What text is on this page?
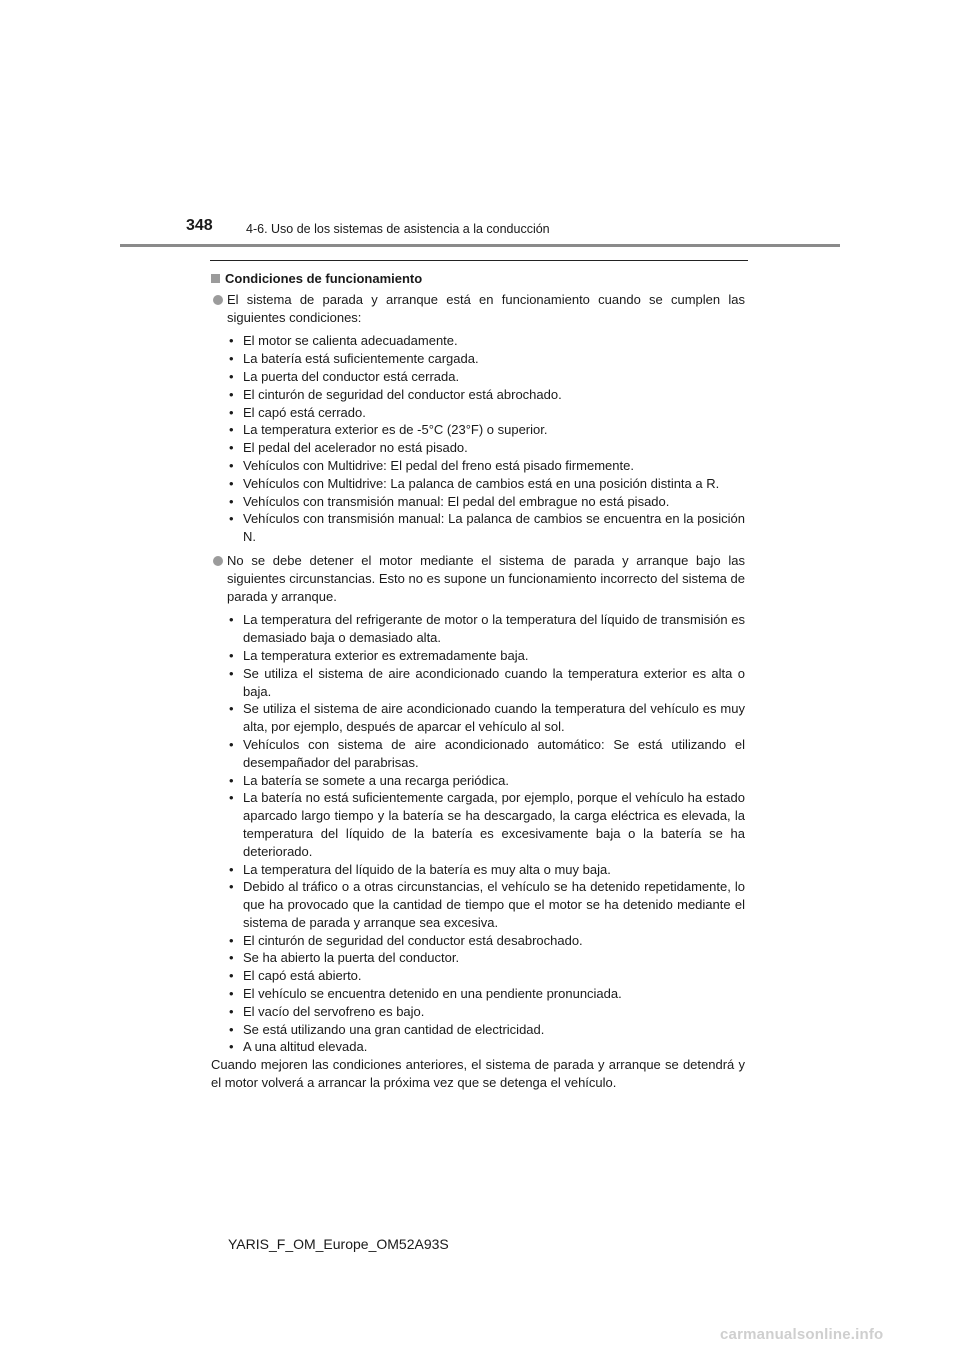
348	4-6. Uso de los sistemas de asistencia a la conducción
Condiciones de funcionamiento
El sistema de parada y arranque está en funcionamiento cuando se cumplen las siguientes condiciones:
• El motor se calienta adecuadamente.
• La batería está suficientemente cargada.
• La puerta del conductor está cerrada.
• El cinturón de seguridad del conductor está abrochado.
• El capó está cerrado.
• La temperatura exterior es de -5°C (23°F) o superior.
• El pedal del acelerador no está pisado.
• Vehículos con Multidrive: El pedal del freno está pisado firmemente.
• Vehículos con Multidrive: La palanca de cambios está en una posición distinta a R.
• Vehículos con transmisión manual: El pedal del embrague no está pisado.
• Vehículos con transmisión manual: La palanca de cambios se encuentra en la posición N.
No se debe detener el motor mediante el sistema de parada y arranque bajo las siguientes circunstancias. Esto no es supone un funcionamiento incorrecto del sistema de parada y arranque.
• La temperatura del refrigerante de motor o la temperatura del líquido de transmisión es demasiado baja o demasiado alta.
• La temperatura exterior es extremadamente baja.
• Se utiliza el sistema de aire acondicionado cuando la temperatura exterior es alta o baja.
• Se utiliza el sistema de aire acondicionado cuando la temperatura del vehículo es muy alta, por ejemplo, después de aparcar el vehículo al sol.
• Vehículos con sistema de aire acondicionado automático: Se está utilizando el desempañador del parabrisas.
• La batería se somete a una recarga periódica.
• La batería no está suficientemente cargada, por ejemplo, porque el vehículo ha estado aparcado largo tiempo y la batería se ha descargado, la carga eléctrica es elevada, la temperatura del líquido de la batería es excesivamente baja o la batería se ha deteriorado.
• La temperatura del líquido de la batería es muy alta o muy baja.
• Debido al tráfico o a otras circunstancias, el vehículo se ha detenido repetidamente, lo que ha provocado que la cantidad de tiempo que el motor se ha detenido mediante el sistema de parada y arranque sea excesiva.
• El cinturón de seguridad del conductor está desabrochado.
• Se ha abierto la puerta del conductor.
• El capó está abierto.
• El vehículo se encuentra detenido en una pendiente pronunciada.
• El vacío del servofreno es bajo.
• Se está utilizando una gran cantidad de electricidad.
• A una altitud elevada.

Cuando mejoren las condiciones anteriores, el sistema de parada y arranque se detendrá y el motor volverá a arrancar la próxima vez que se detenga el vehículo.

YARIS_F_OM_Europe_OM52A93S
carmanualsonline.info
